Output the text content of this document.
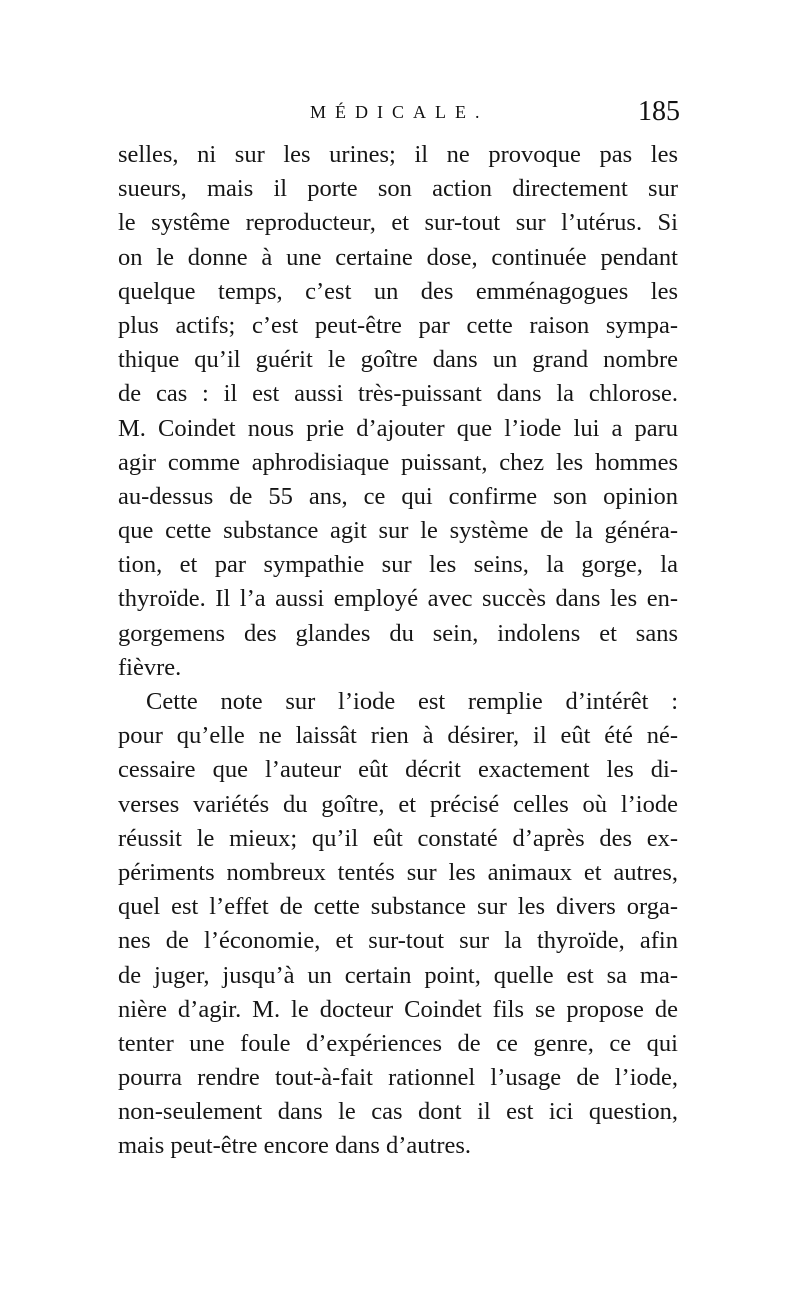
MÉDICALE.	185
selles, ni sur les urines; il ne provoque pas les
sueurs, mais il porte son action directement sur
le systême reproducteur, et sur-tout sur l’utérus. Si
on le donne à une certaine dose, continuée pendant
quelque temps, c’est un des emménagogues les
plus actifs; c’est peut-être par cette raison sympa-
thique qu’il guérit le goître dans un grand nombre
de cas : il est aussi très-puissant dans la chlorose.
M. Coindet nous prie d’ajouter que l’iode lui a paru
agir comme aphrodisiaque puissant, chez les hommes
au-dessus de 55 ans, ce qui confirme son opinion
que cette substance agit sur le système de la généra-
tion, et par sympathie sur les seins, la gorge, la
thyroïde. Il l’a aussi employé avec succès dans les en-
gorgemens des glandes du sein, indolens et sans
fièvre.
Cette note sur l’iode est remplie d’intérêt :
pour qu’elle ne laissât rien à désirer, il eût été né-
cessaire que l’auteur eût décrit exactement les di-
verses variétés du goître, et précisé celles où l’iode
réussit le mieux; qu’il eût constaté d’après des ex-
périments nombreux tentés sur les animaux et autres,
quel est l’effet de cette substance sur les divers orga-
nes de l’économie, et sur-tout sur la thyroïde, afin
de juger, jusqu’à un certain point, quelle est sa ma-
nière d’agir. M. le docteur Coindet fils se propose de
tenter une foule d’expériences de ce genre, ce qui
pourra rendre tout-à-fait rationnel l’usage de l’iode,
non-seulement dans le cas dont il est ici question,
mais peut-être encore dans d’autres.
